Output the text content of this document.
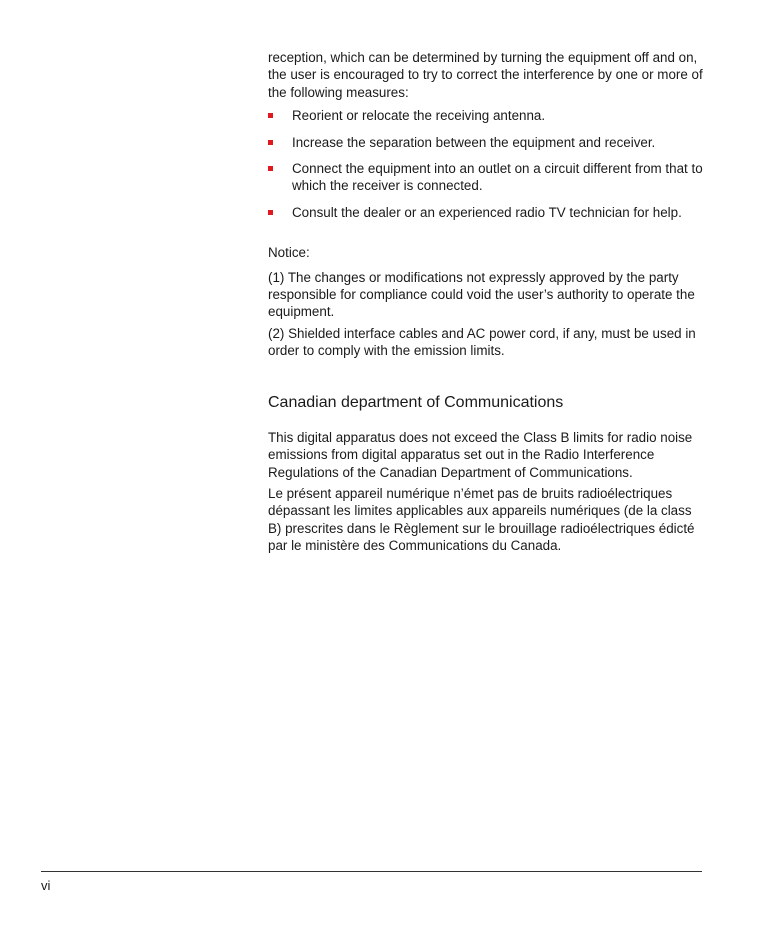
reception, which can be determined by turning the equipment off and on, the user is encouraged to try to correct the interference by one or more of the following measures:

Reorient or relocate the receiving antenna.
Increase the separation between the equipment and receiver.
Connect the equipment into an outlet on a circuit different from that to which the receiver is connected.
Consult the dealer or an experienced radio TV technician for help.

Notice:

(1) The changes or modifications not expressly approved by the party responsible for compliance could void the user’s authority to operate the equipment.

(2) Shielded interface cables and AC power cord, if any, must be used in order to comply with the emission limits.

Canadian department of Communications

This digital apparatus does not exceed the Class B limits for radio noise emissions from digital apparatus set out in the Radio Interference Regulations of the Canadian Department of Communications.

Le présent appareil numérique n’émet pas de bruits radioélectriques dépassant les limites applicables aux appareils numériques (de la class B) prescrites dans le Règlement sur le brouillage radioélectriques édicté par le ministère des Communications du Canada.

vi
